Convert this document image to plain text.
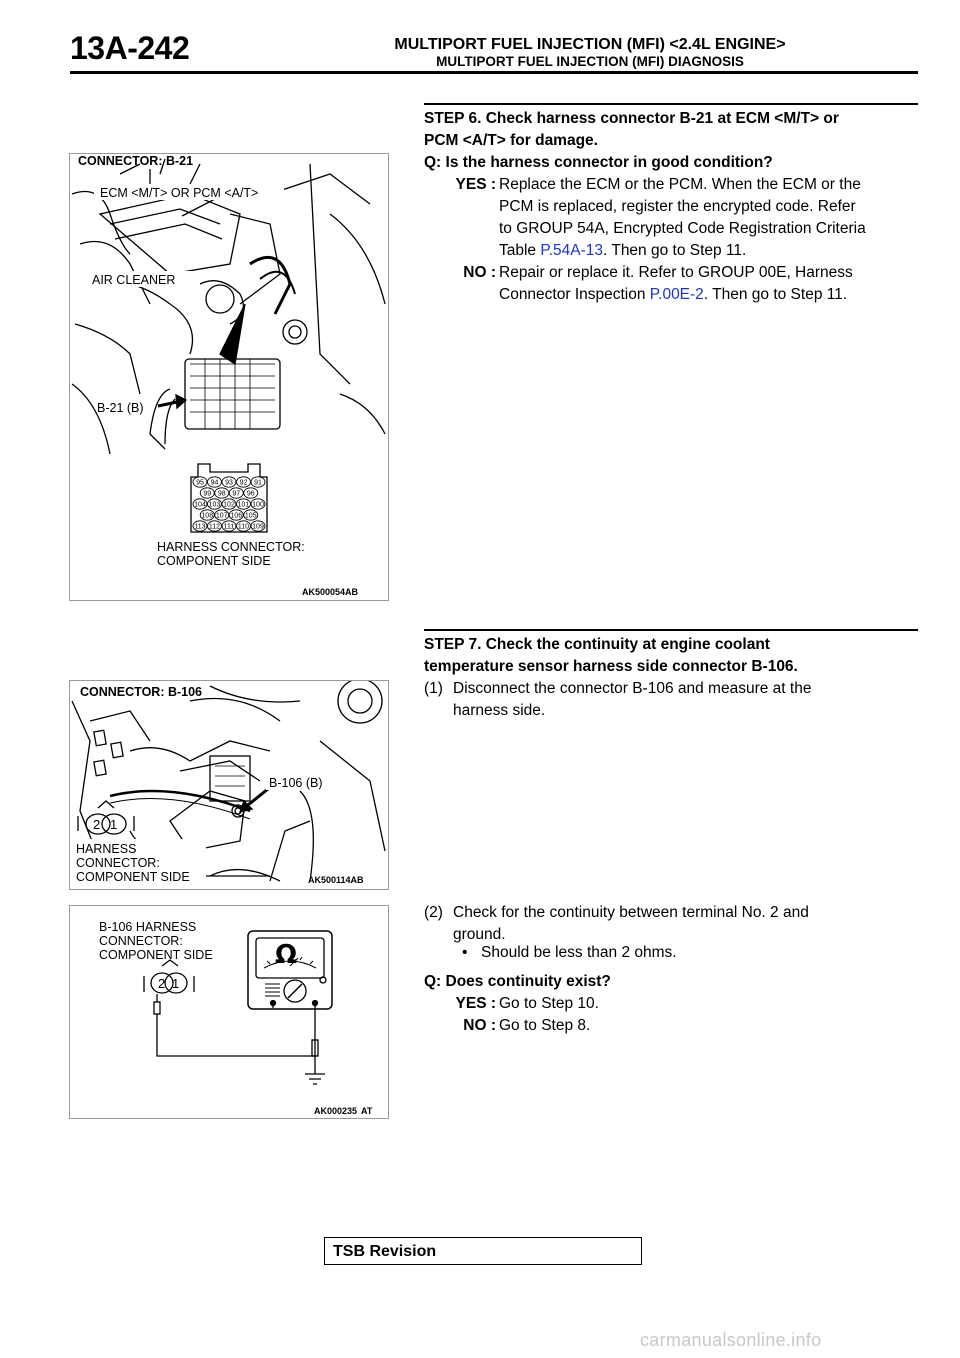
13A-242	MULTIPORT FUEL INJECTION (MFI) <2.4L ENGINE>
MULTIPORT FUEL INJECTION (MFI) DIAGNOSIS
STEP 6. Check harness connector B-21 at ECM <M/T> or
PCM <A/T> for damage.
Q: Is the harness connector in good condition?
YES : Replace the ECM or the PCM. When the ECM or the
PCM is replaced, register the encrypted code. Refer
to GROUP 54A, Encrypted Code Registration Criteria
Table P.54A-13. Then go to Step 11.
NO : Repair or replace it. Refer to GROUP 00E, Harness
Connector Inspection P.00E-2. Then go to Step 11.
95 94 93 92 91
99 98 97 96
104 103 102 101 100
108 107 106 105
113 112 111 110 109
CONNECTOR: B-21
ECM <M/T> OR PCM <A/T>
AIR CLEANER
B-21 (B)
HARNESS CONNECTOR:
COMPONENT SIDE
AK500054AB
STEP 7. Check the continuity at engine coolant
temperature sensor harness side connector B-106.
(1) Disconnect the connector B-106 and measure at the
harness side.
CONNECTOR: B-106
B-106 (B)
2 1
HARNESS
CONNECTOR:
COMPONENT SIDE	AK500114AB
(2) Check for the continuity between terminal No. 2 and
ground.
• Should be less than 2 ohms.
Q: Does continuity exist?
YES : Go to Step 10.
NO : Go to Step 8.
B-106 HARNESS
CONNECTOR:
COMPONENT SIDE Ω
2 1
AK000235 AT
TSB Revision
carmanualsonline.info
